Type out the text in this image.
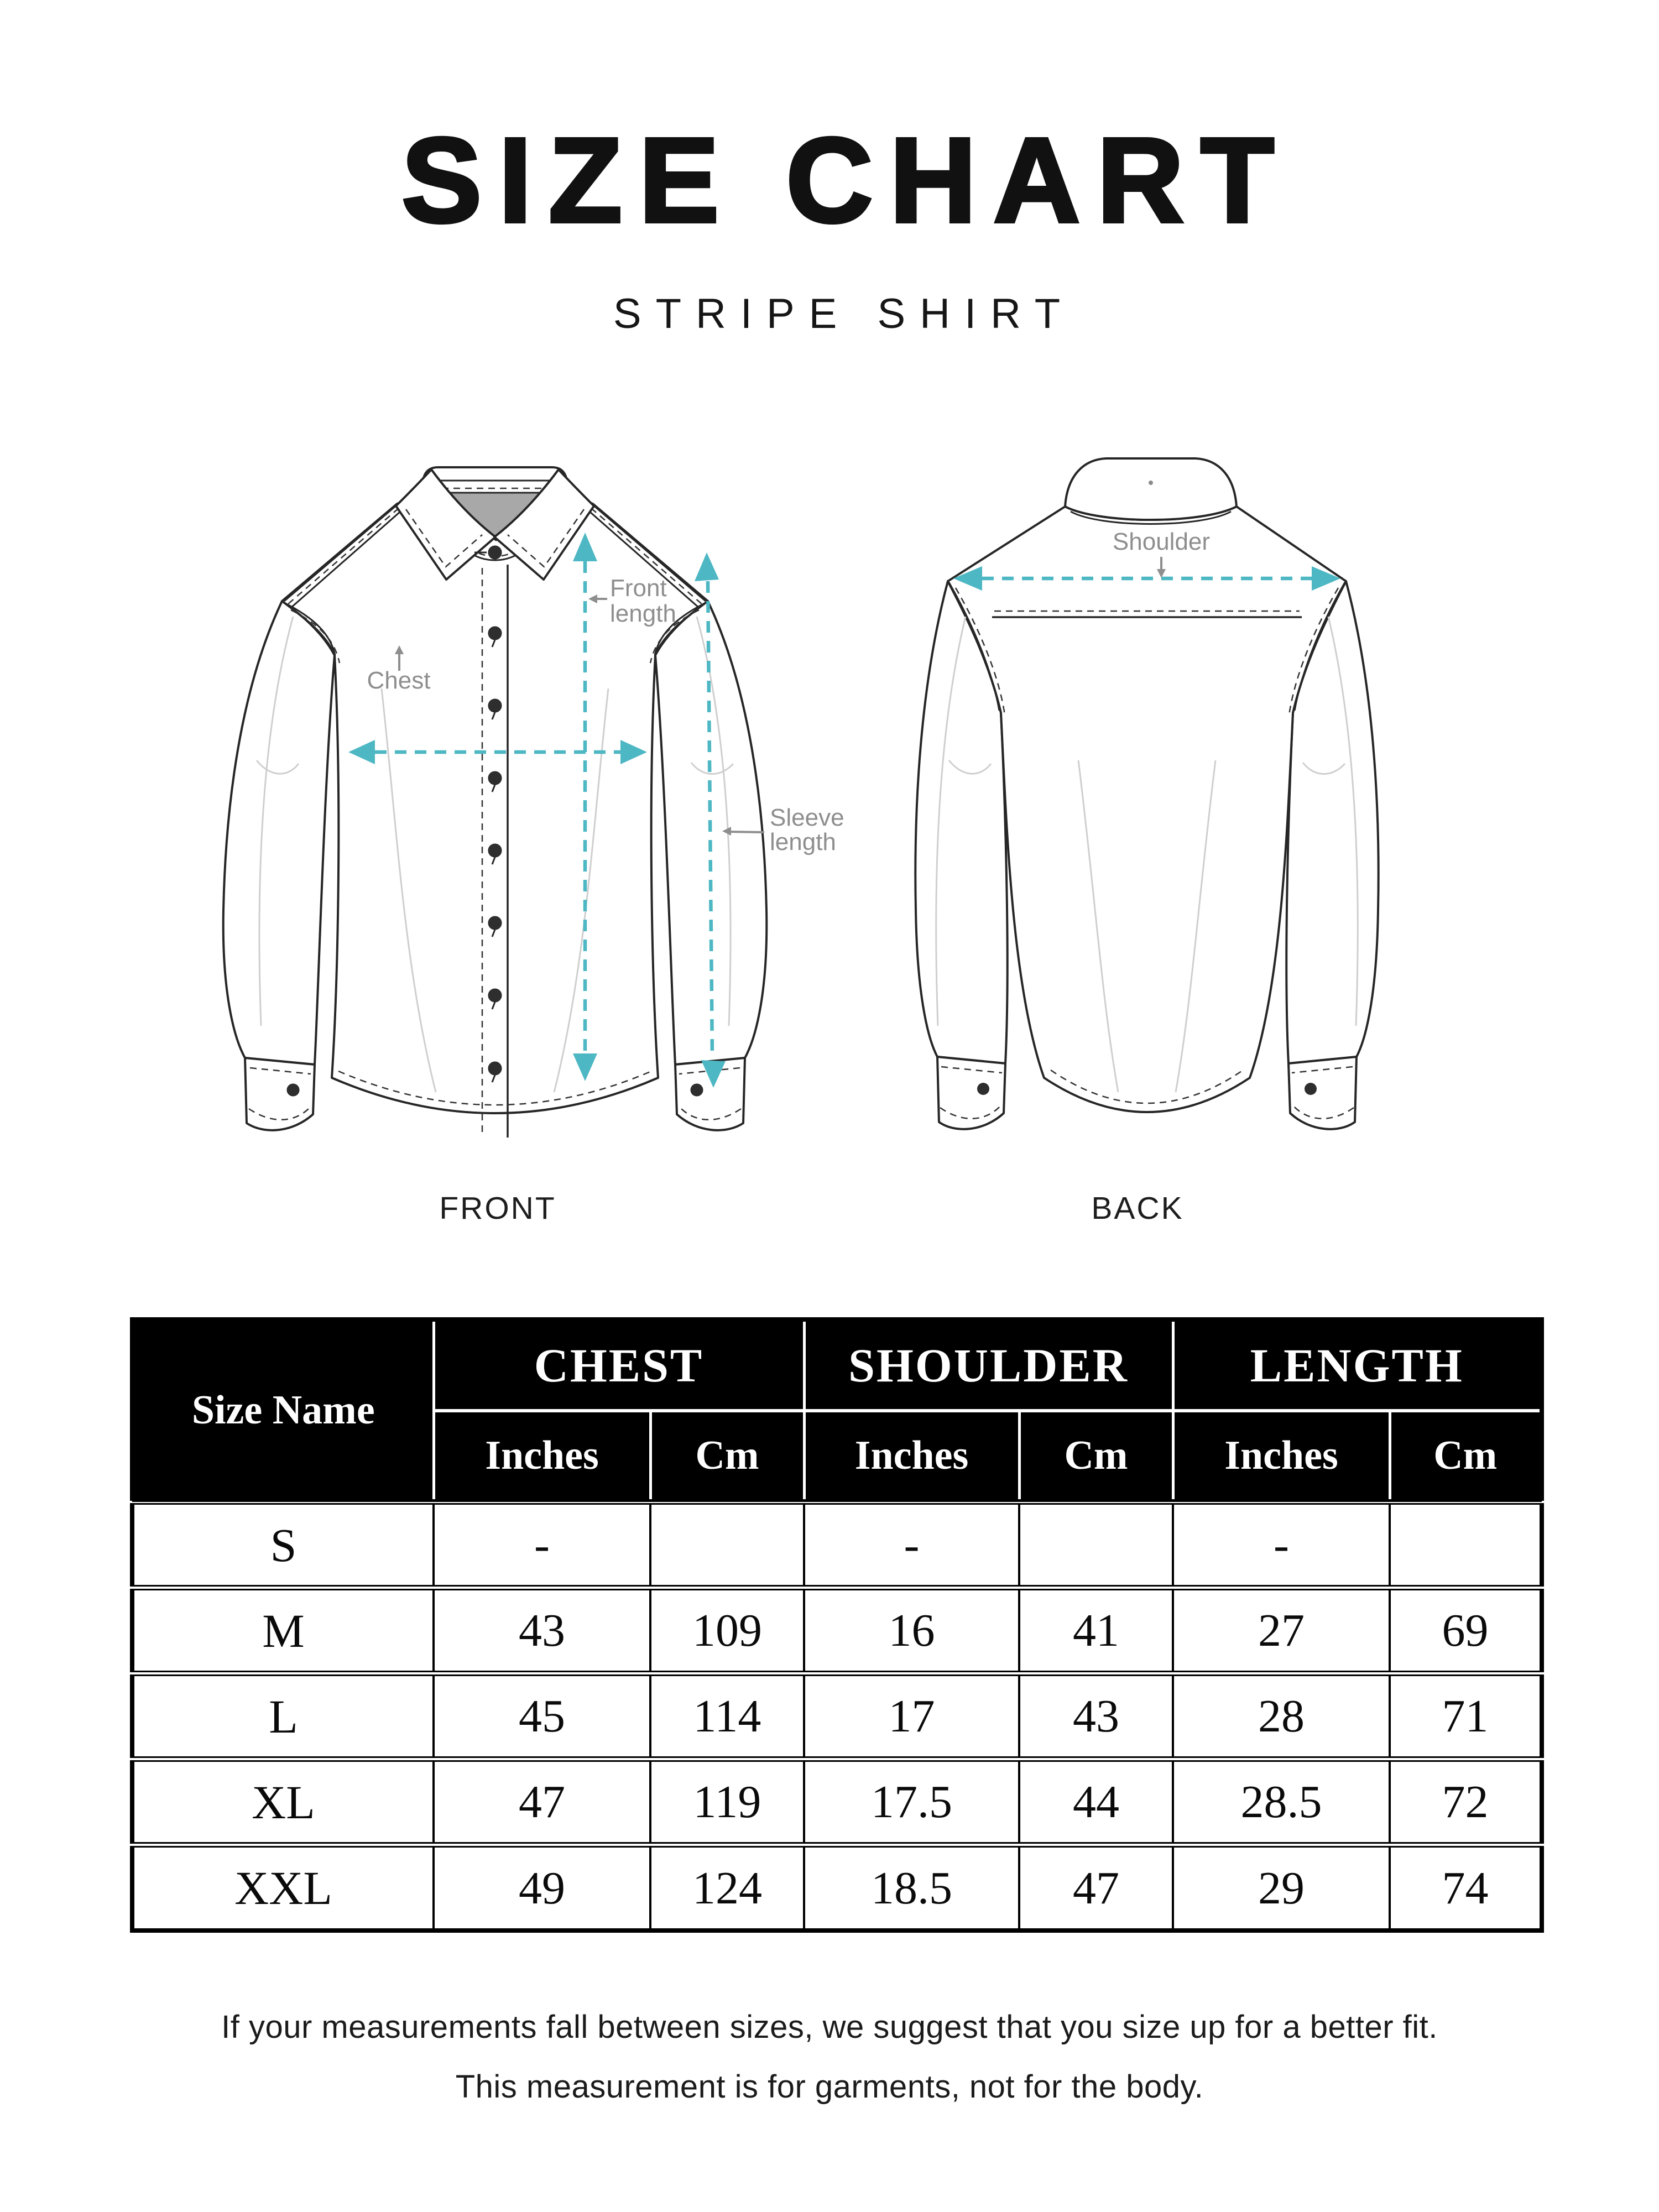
SIZE CHART
STRIPE SHIRT
Front
length
Chest
Sleeve
length
Shoulder
FRONT	BACK
Size Name	CHEST		SHOULDER		LENGTH	
	Inches	Cm	Inches	Cm	Inches	Cm
S	-		-		-	
M	43	109	16	41	27	69
L	45	114	17	43	28	71
XL	47	119	17.5	44	28.5	72
XXL	49	124	18.5	47	29	74

If your measurements fall between sizes, we suggest that you size up for a better fit.

This measurement is for garments, not for the body.
